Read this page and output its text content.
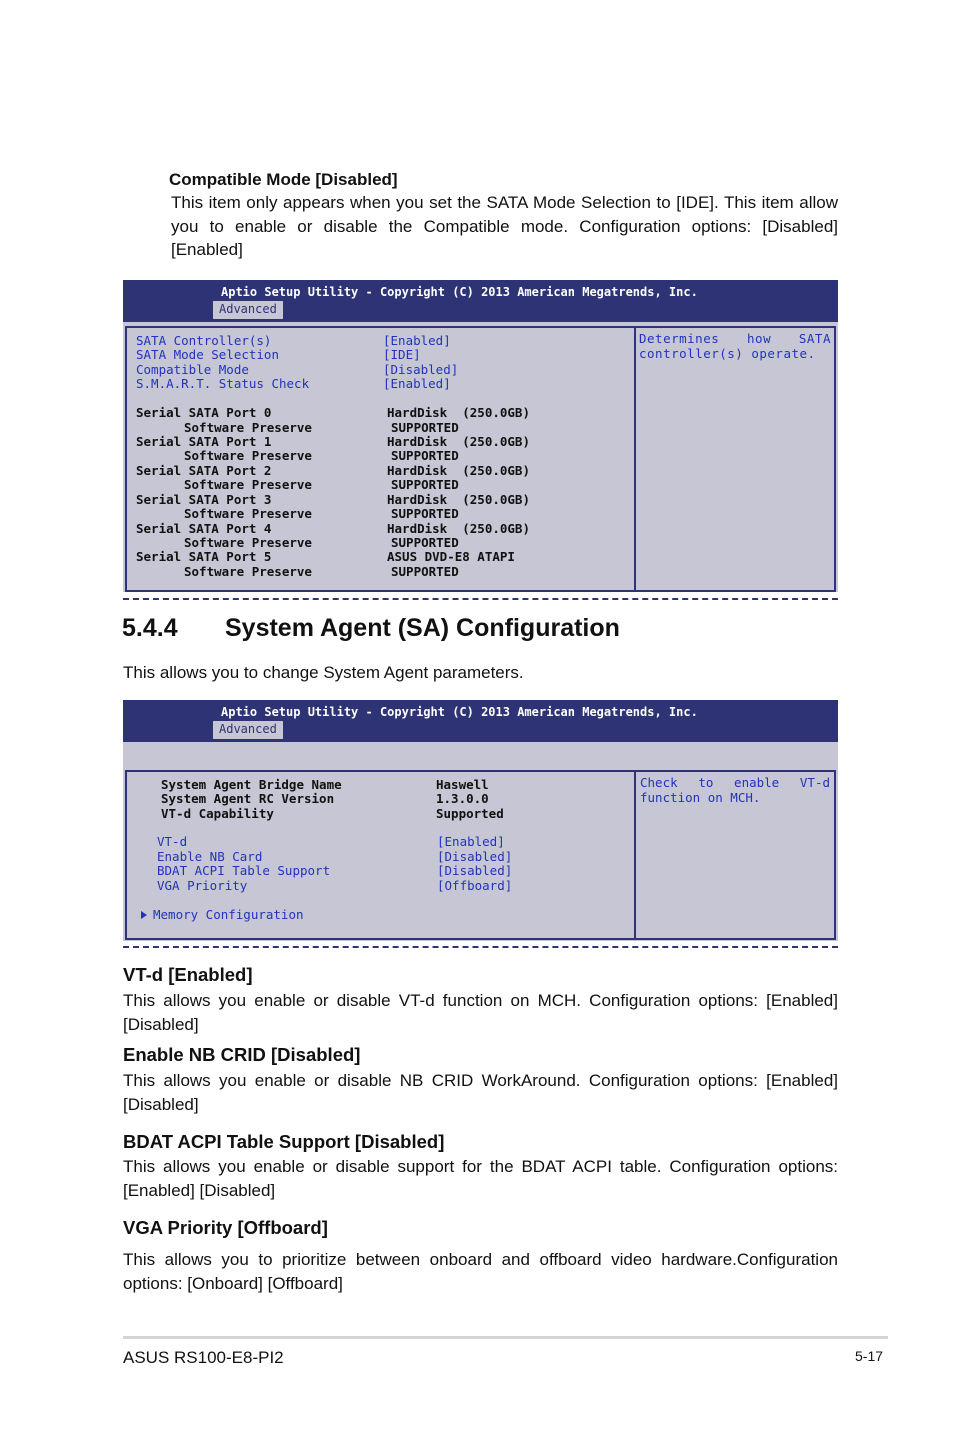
Compatible Mode [Disabled]

This item only appears when you set the SATA Mode Selection to [IDE]. This item allow you to enable or disable the Compatible mode. Configuration options: [Disabled] [Enabled]

Aptio Setup Utility - Copyright (C) 2013 American Megatrends, Inc.
Advanced
SATA Controller(s)	[Enabled]
SATA Mode Selection	[IDE]
Compatible Mode	[Disabled]
S.M.A.R.T. Status Check	[Enabled]
Serial SATA Port 0	HardDisk  (250.0GB)
Software Preserve	SUPPORTED
Serial SATA Port 1	HardDisk  (250.0GB)
Software Preserve	SUPPORTED
Serial SATA Port 2	HardDisk  (250.0GB)
Software Preserve	SUPPORTED
Serial SATA Port 3	HardDisk  (250.0GB)
Software Preserve	SUPPORTED
Serial SATA Port 4	HardDisk  (250.0GB)
Software Preserve	SUPPORTED
Serial SATA Port 5	ASUS DVD-E8 ATAPI
Software Preserve	SUPPORTED
Determines how SATA controller(s) operate.
5.4.4 System Agent (SA) Configuration

This allows you to change System Agent parameters.

Aptio Setup Utility - Copyright (C) 2013 American Megatrends, Inc.
Advanced
System Agent Bridge Name	Haswell
System Agent RC Version	1.3.0.0
VT-d Capability	Supported
VT-d	[Enabled]
Enable NB Card	[Disabled]
BDAT ACPI Table Support	[Disabled]
VGA Priority	[Offboard]
Memory Configuration
Check to enable VT-d function on MCH.
VT-d [Enabled]

This allows you enable or disable VT-d function on MCH. Configuration options: [Enabled] [Disabled]

Enable NB CRID [Disabled]

This allows you enable or disable NB CRID WorkAround. Configuration options: [Enabled] [Disabled]

BDAT ACPI Table Support [Disabled]

This allows you enable or disable support for the BDAT ACPI table. Configuration options: [Enabled] [Disabled]

VGA Priority [Offboard]

This allows you to prioritize between onboard and offboard video hardware.Configuration options: [Onboard] [Offboard]

ASUS RS100-E8-PI2	5-17
